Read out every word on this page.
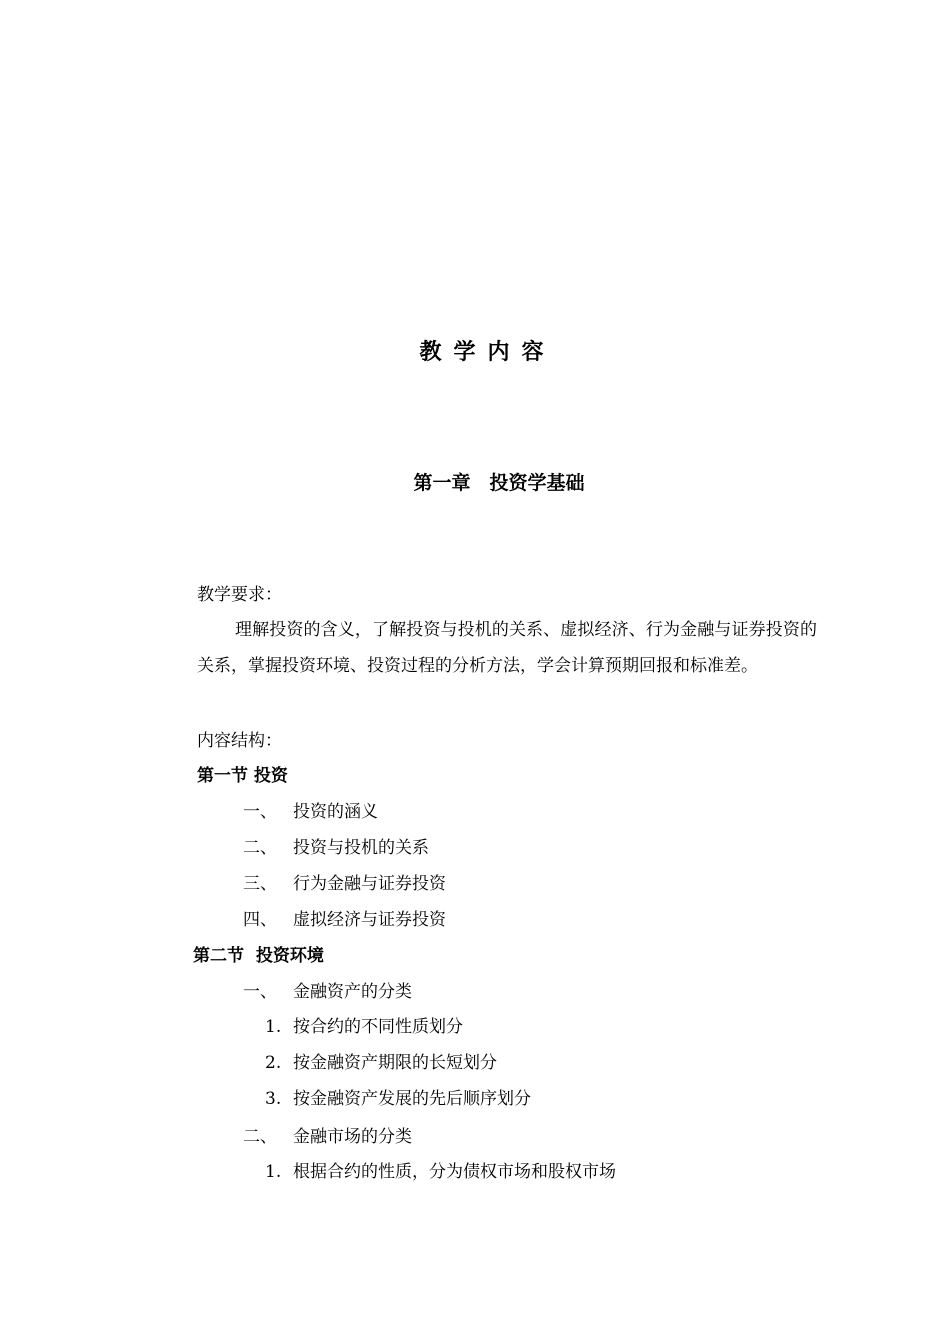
教学内容
第一章　投资学基础
教学要求：
理解投资的含义，了解投资与投机的关系、虚拟经济、行为金融与证券投资的关系，掌握投资环境、投资过程的分析方法，学会计算预期回报和标准差。
内容结构：
第一节 投资
一、 投资的涵义
二、 投资与投机的关系
三、 行为金融与证券投资
四、 虚拟经济与证券投资
第二节  投资环境
一、 金融资产的分类
1. 按合约的不同性质划分
2. 按金融资产期限的长短划分
3. 按金融资产发展的先后顺序划分
二、 金融市场的分类
1. 根据合约的性质，分为债权市场和股权市场
